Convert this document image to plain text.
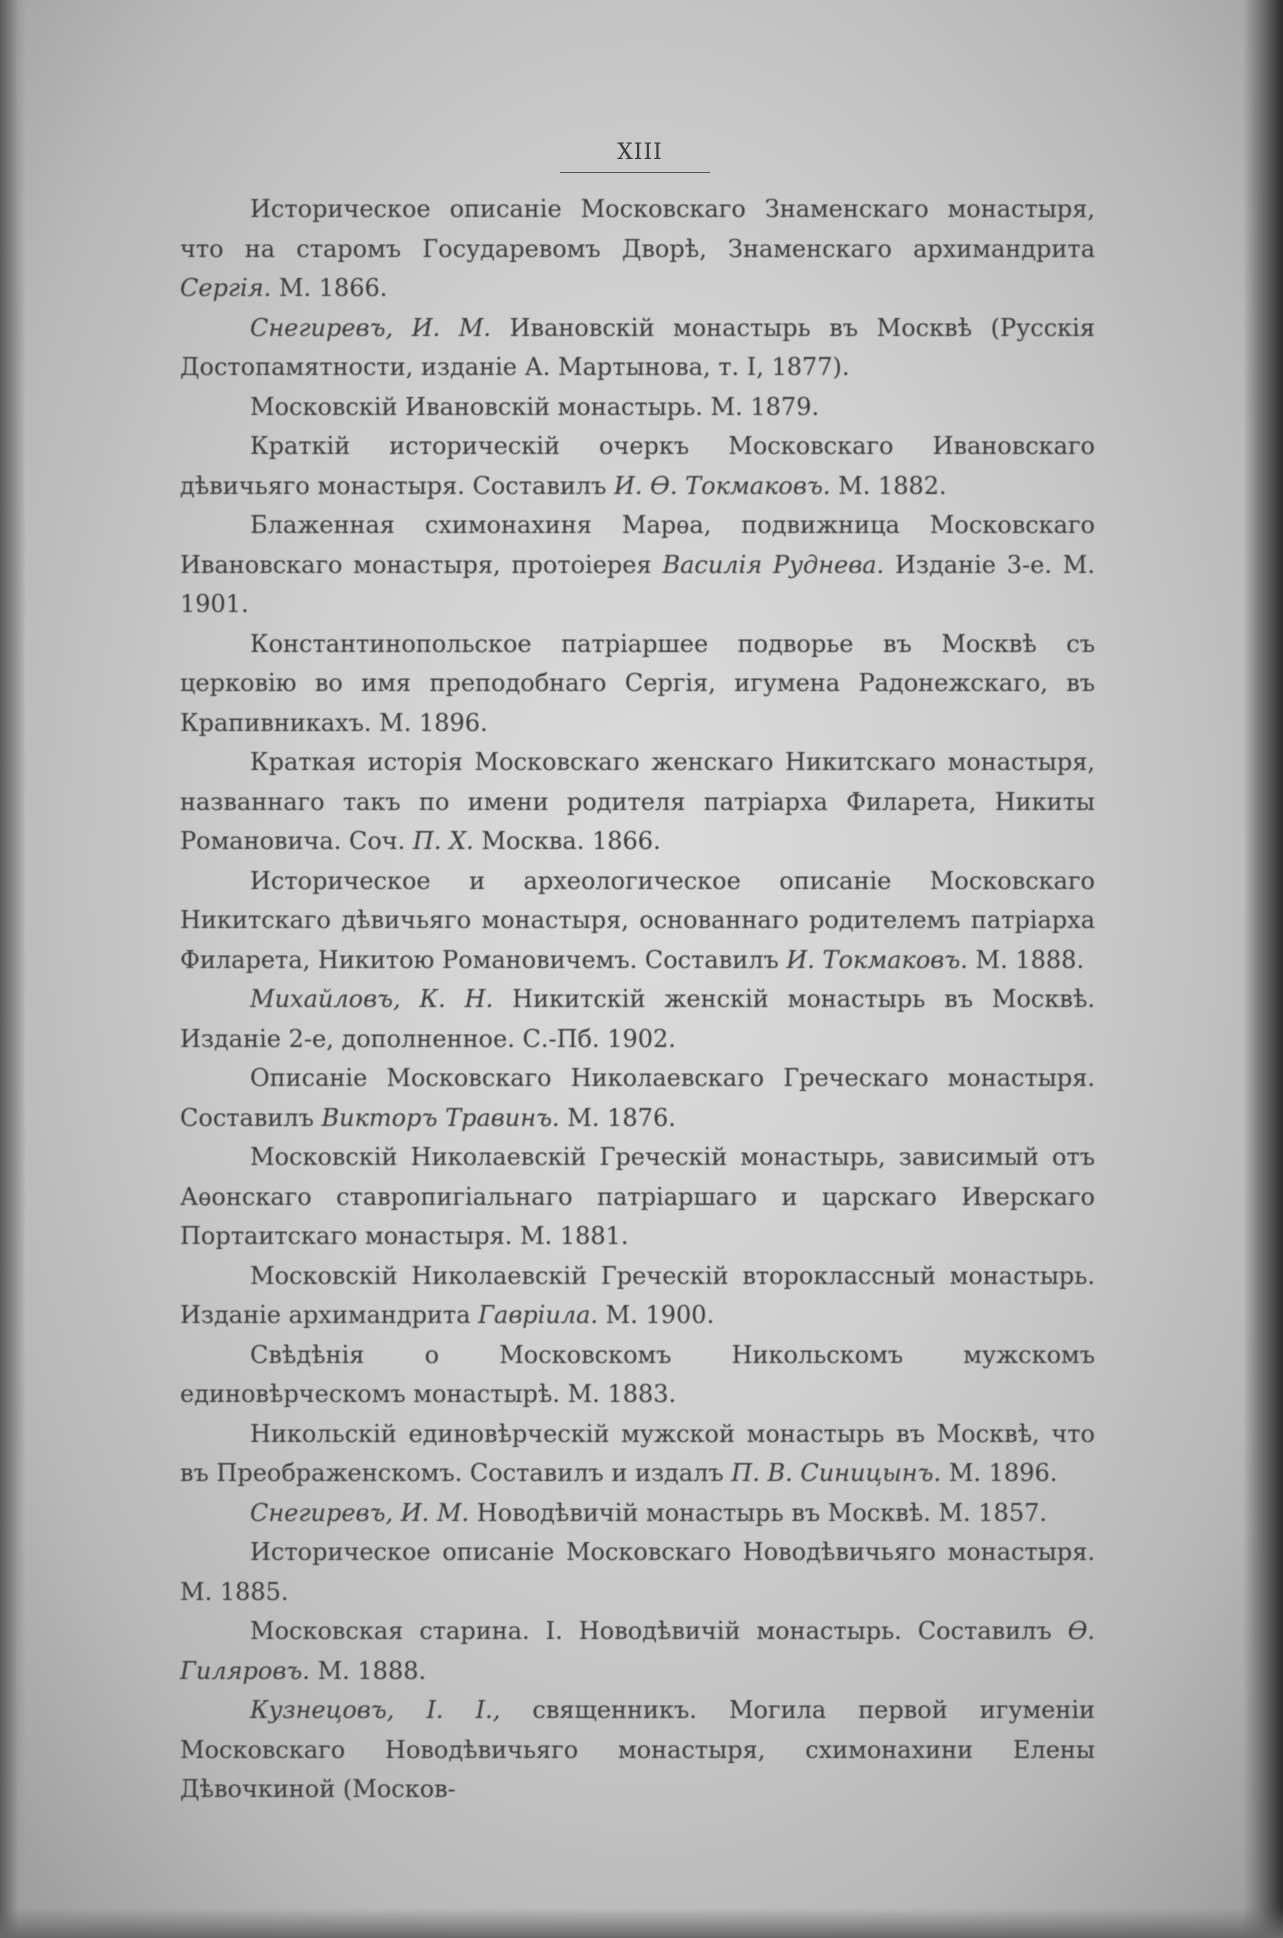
XIII

Историческое описаніе Московскаго Знаменскаго монастыря, что на старомъ Государевомъ Дворѣ, Знаменскаго архимандрита Сергія. М. 1866.

Снегиревъ, И. М. Ивановскій монастырь въ Москвѣ (Русскія Достопамятности, изданіе А. Мартынова, т. I, 1877).

Московскій Ивановскій монастырь. М. 1879.

Краткій историческій очеркъ Московскаго Ивановскаго дѣвичьяго монастыря. Составилъ И. Ѳ. Токмаковъ. М. 1882.

Блаженная схимонахиня Марѳа, подвижница Московскаго Ивановскаго монастыря, протоіерея Василія Руднева. Изданіе 3-е. М. 1901.

Константинопольское патріаршее подворье въ Москвѣ съ церковію во имя преподобнаго Сергія, игумена Радонежскаго, въ Крапивникахъ. М. 1896.

Краткая исторія Московскаго женскаго Никитскаго монастыря, названнаго такъ по имени родителя патріарха Филарета, Никиты Романовича. Соч. П. Х. Москва. 1866.

Историческое и археологическое описаніе Московскаго Никитскаго дѣвичьяго монастыря, основаннаго родителемъ патріарха Филарета, Никитою Романовичемъ. Составилъ И. Токмаковъ. М. 1888.

Михайловъ, К. Н. Никитскій женскій монастырь въ Москвѣ. Изданіе 2-е, дополненное. С.-Пб. 1902.

Описаніе Московскаго Николаевскаго Греческаго монастыря. Составилъ Викторъ Травинъ. М. 1876.

Московскій Николаевскій Греческій монастырь, зависимый отъ Аѳонскаго ставропигіальнаго патріаршаго и царскаго Иверскаго Портаитскаго монастыря. М. 1881.

Московскій Николаевскій Греческій второклассный монастырь. Изданіе архимандрита Гавріила. М. 1900.

Свѣдѣнія о Московскомъ Никольскомъ мужскомъ единовѣрческомъ монастырѣ. М. 1883.

Никольскій единовѣрческій мужской монастырь въ Москвѣ, что въ Преображенскомъ. Составилъ и издалъ П. В. Синицынъ. М. 1896.

Снегиревъ, И. М. Новодѣвичій монастырь въ Москвѣ. М. 1857.

Историческое описаніе Московскаго Новодѣвичьяго монастыря. М. 1885.

Московская старина. I. Новодѣвичій монастырь. Составилъ Ѳ. Гиляровъ. М. 1888.

Кузнецовъ, I. I., священникъ. Могила первой игуменіи Московскаго Новодѣвичьяго монастыря, схимонахини Елены Дѣвочкиной (Москов-
